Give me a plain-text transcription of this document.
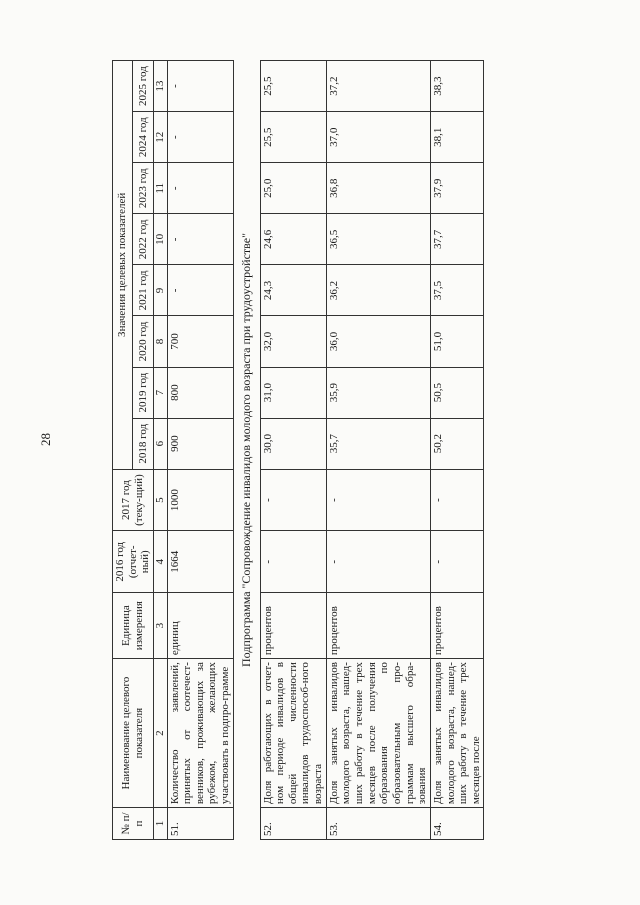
28
№ п/п	Наименование целевого показателя	Единица измерения	2016 год (отчет-ный)	2017 год (теку-щий)	Значения целевых показателей							
					2018 год	2019 год	2020 год	2021 год	2022 год	2023 год	2024 год	2025 год
1	2	3	4	5	6	7	8	9	10	11	12	13
51.	Количество заявлений, принятых от соотечест-венников, проживающих за рубежом, желающих участвовать в подпро-грамме	единиц	1664	1000	900	800	700	-	-	-	-	-
Подпрограмма "Сопровождение инвалидов молодого возраста при трудоустройстве"												
52.	Доля работающих в отчет-ном периоде инвалидов в общей численности инвалидов трудоспособ-ного возраста	процентов	-	-	30,0	31,0	32,0	24,3	24,6	25,0	25,5	25,5
53.	Доля занятых инвалидов молодого возраста, нашед-ших работу в течение трех месяцев после получения образования по образовательным про-граммам высшего обра-зования	процентов	-	-	35,7	35,9	36,0	36,2	36,5	36,8	37,0	37,2
54.	Доля занятых инвалидов молодого возраста, нашед-ших работу в течение трех месяцев после	процентов	-	-	50,2	50,5	51,0	37,5	37,7	37,9	38,1	38,3
